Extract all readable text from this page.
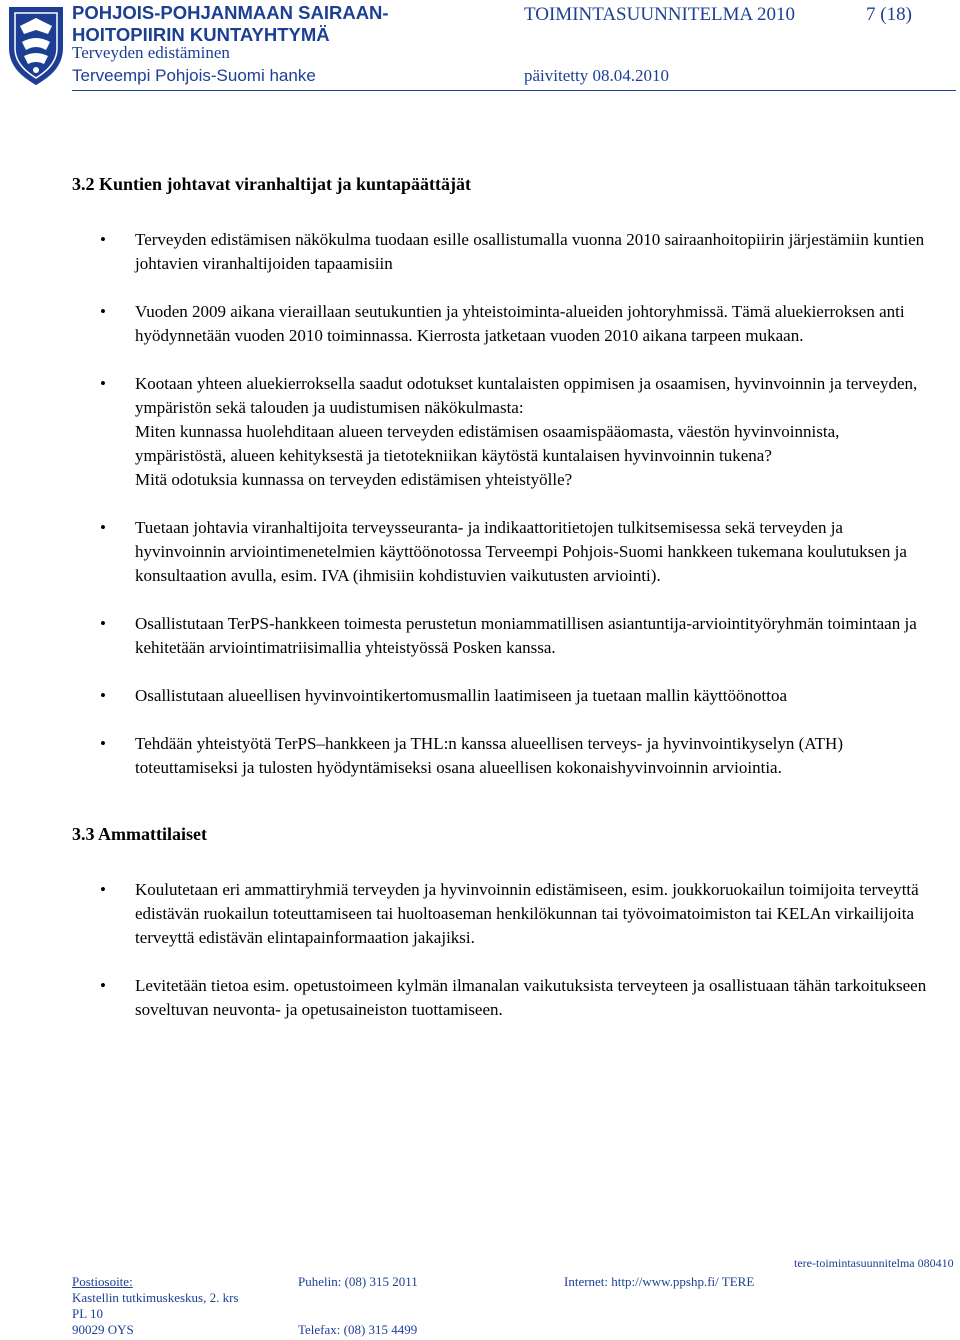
POHJOIS-POHJANMAAN SAIRAAN-
HOITOPIIRIN KUNTAYHTYMÄ
Terveyden edistäminen
Terveempi Pohjois-Suomi hanke
TOIMINTASUUNNITELMA 2010	7 (18)
päivitetty 08.04.2010
3.2 Kuntien johtavat viranhaltijat ja kuntapäättäjät
• Terveyden edistämisen näkökulma tuodaan esille osallistumalla vuonna 2010 sairaanhoitopiirin järjestämiin kuntien johtavien viranhaltijoiden tapaamisiin
• Vuoden 2009 aikana vieraillaan seutukuntien ja yhteistoiminta-alueiden johtoryhmissä. Tämä aluekierroksen anti hyödynnetään vuoden 2010 toiminnassa. Kierrosta jatketaan vuoden 2010 aikana tarpeen mukaan.
• Kootaan yhteen aluekierroksella saadut odotukset kuntalaisten oppimisen ja osaamisen, hyvinvoinnin ja terveyden, ympäristön sekä talouden ja uudistumisen näkökulmasta:
Miten kunnassa huolehditaan alueen terveyden edistämisen osaamispääomasta, väestön hyvinvoinnista, ympäristöstä, alueen kehityksestä ja tietotekniikan käytöstä kuntalaisen hyvinvoinnin tukena?
Mitä odotuksia kunnassa on terveyden edistämisen yhteistyölle?
• Tuetaan johtavia viranhaltijoita terveysseuranta- ja indikaattoritietojen tulkitsemisessa sekä terveyden ja hyvinvoinnin arviointimenetelmien käyttöönotossa Terveempi Pohjois-Suomi hankkeen tukemana koulutuksen ja konsultaation avulla, esim. IVA (ihmisiin kohdistuvien vaikutusten arviointi).
• Osallistutaan TerPS-hankkeen toimesta perustetun moniammatillisen asiantuntija-arviointityöryhmän toimintaan ja kehitetään arviointimatriisimallia yhteistyössä Posken kanssa.
• Osallistutaan alueellisen hyvinvointikertomusmallin laatimiseen ja tuetaan mallin käyttöönottoa
• Tehdään yhteistyötä TerPS–hankkeen ja THL:n kanssa alueellisen terveys- ja hyvinvointikyselyn (ATH) toteuttamiseksi ja tulosten hyödyntämiseksi osana alueellisen kokonaishyvinvoinnin arviointia.
3.3 Ammattilaiset
• Koulutetaan eri ammattiryhmiä terveyden ja hyvinvoinnin edistämiseen, esim. joukkoruokailun toimijoita terveyttä edistävän ruokailun toteuttamiseen tai huoltoaseman henkilökunnan tai työvoimatoimiston tai KELAn virkailijoita terveyttä edistävän elintapainformaation jakajiksi.
• Levitetään tietoa esim. opetustoimeen kylmän ilmanalan vaikutuksista terveyteen ja osallistuaan tähän tarkoitukseen soveltuvan neuvonta- ja opetusaineiston tuottamiseen.
tere-toimintasuunnitelma 080410
Postiosoite:
Kastellin tutkimuskeskus, 2. krs
PL 10
90029 OYS
Puhelin: (08) 315 2011
Telefax: (08) 315 4499
Internet: http://www.ppshp.fi/ TERE
